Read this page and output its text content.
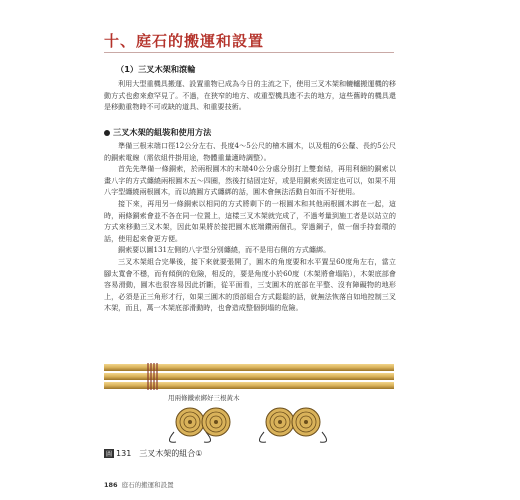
十、庭石的搬運和設置
（1）三叉木架和滾輪

利用大型重機具搬運、設置重物已成為今日的主流之下，使用三叉木架和轆轤搬運機的移動方式也愈來愈罕見了。不過，在狹窄的地方、或重型機具進不去的地方，這些舊時的機具還是移動重物時不可或缺的道具、和重要技術。

三叉木架的組裝和使用方法

準備三根末端口徑12公分左右、長度4～5公尺的檜木圓木，以及粗的6公釐、長約5公尺的銅索電線（需依組件掛用途，物體重量適時調整）。

首先先準備一條銅索，於兩根圓木的末端40公分處分別打上雙套結，再用利綑的銅索以畫八字的方式纏繞兩根圓木五～四圈，然後打結固定好，或是用銅索夾固定也可以，如果不用八字型纏繞兩根圓木，而以繞圓方式纏綁的話，圓木會無法活動自如而不好使用。

接下來，再用另一條銅索以相同的方式將剩下的一根圓木和其他兩根圓木綁在一起，這時，兩條銅索會並不各在同一位置上，這樣三叉木架就完成了，不過考量到施工者是以站立的方式來移動三叉木架，因此如果將於接把圓木底端鑽兩個孔，穿過鋼子，做一個手持套環的話，使用起來會更方便。

銅索要以圖131左側的八字型分別纏繞，而不是用右側的方式纏綁。

三叉木架組合完畢後，接下來就要張開了，圓木的角度要和水平置呈60度角左右，當立腳太寬會不穩，而有傾倒的危險，相反的，要是角度小於60度（木架將會塌陷），木架底部會容易滑動，圓木也很容易因此折斷，從平面看，三支圓木的底部在平整、沒有障礙物的地形上，必須是正三角形才行，如果三圓木的頂部組合方式鬆鬆的話，就無法恢落自如地控制三叉木架，而且，萬一木架底部滑動時，也會造成整個倒塌的危險。

用兩條鐵索綁好三根黃木
圖 131　三叉木架的組合①
186 庭石的搬運和設置
